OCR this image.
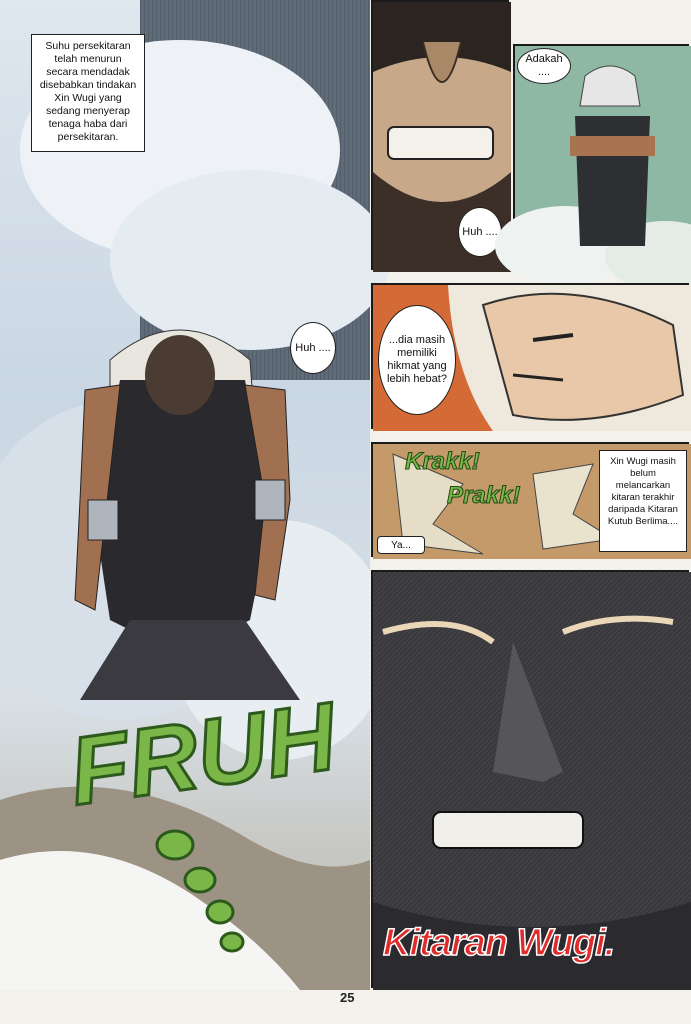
Suhu persekitaran telah menurun secara mendadak disebabkan tindakan Xin Wugi yang sedang menyerap tenaga haba dari persekitaran.
Huh ....
FRUH
Huh ....
Adakah ....
...dia masih memiliki hikmat yang lebih hebat?
Krakk!
Prakk!
Ya...
Xin Wugi masih belum melancarkan kitaran terakhir daripada Kitaran Kutub Berlima....
Kitaran Wugi.
25
